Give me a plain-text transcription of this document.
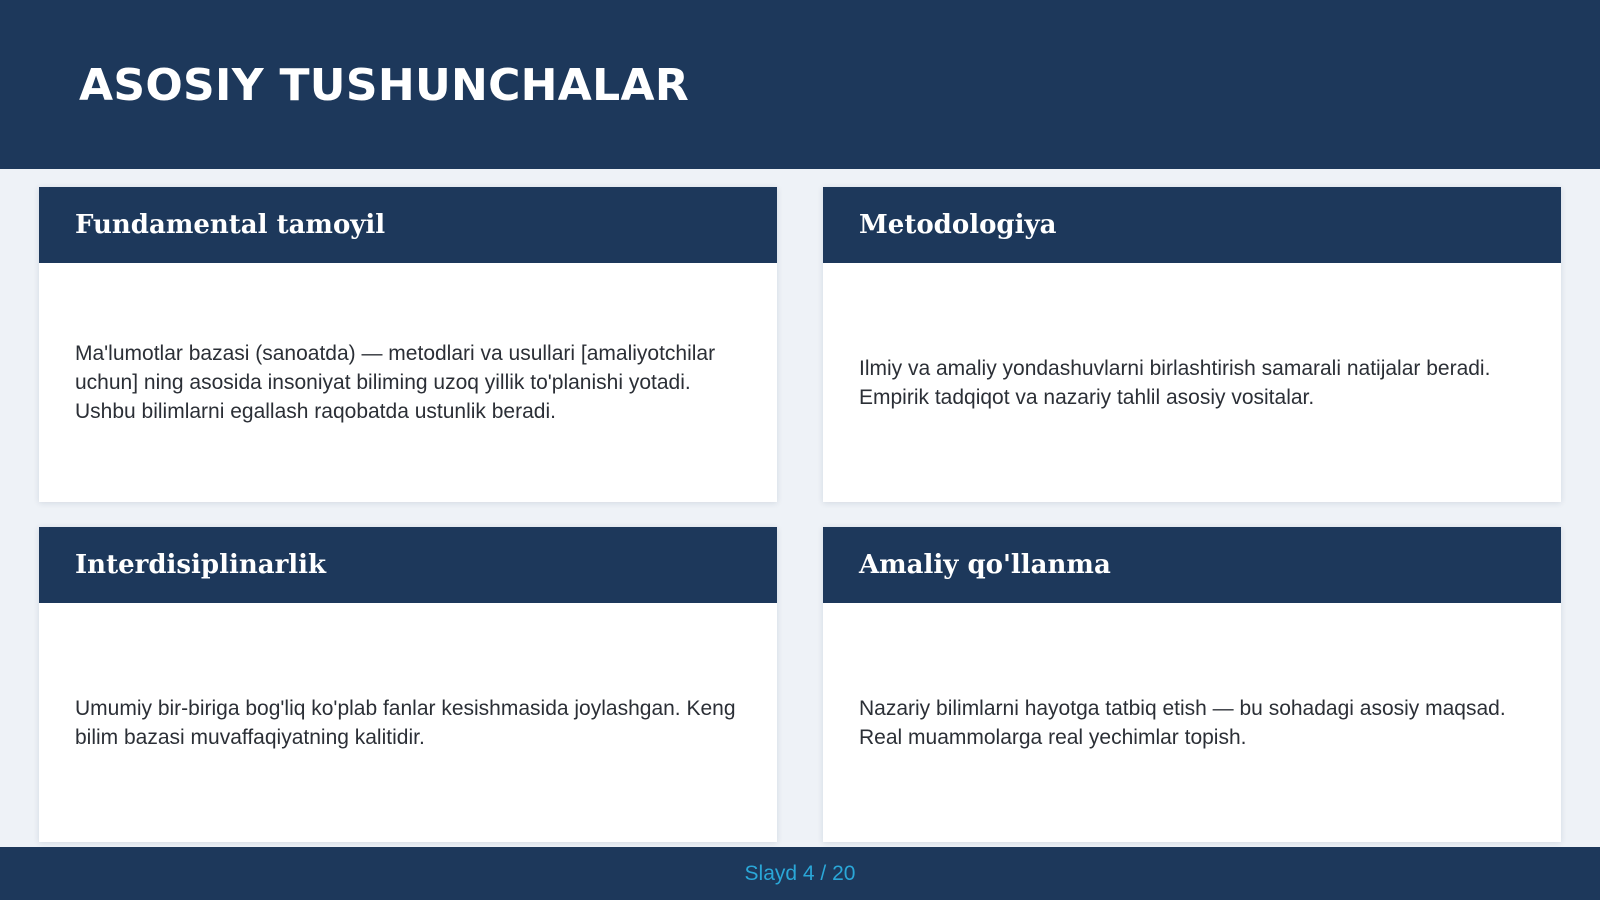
ASOSIY TUSHUNCHALAR
Fundamental tamoyil

Ma'lumotlar bazasi (sanoatda) — metodlari va usullari [amaliyotchilar uchun] ning asosida insoniyat biliming uzoq yillik to'planishi yotadi. Ushbu bilimlarni egallash raqobatda ustunlik beradi.

Metodologiya

Ilmiy va amaliy yondashuvlarni birlashtirish samarali natijalar beradi. Empirik tadqiqot va nazariy tahlil asosiy vositalar.

Interdisiplinarlik

Umumiy bir-biriga bog'liq ko'plab fanlar kesishmasida joylashgan. Keng bilim bazasi muvaffaqiyatning kalitidir.

Amaliy qo'llanma

Nazariy bilimlarni hayotga tatbiq etish — bu sohadagi asosiy maqsad. Real muammolarga real yechimlar topish.

Slayd 4 / 20
